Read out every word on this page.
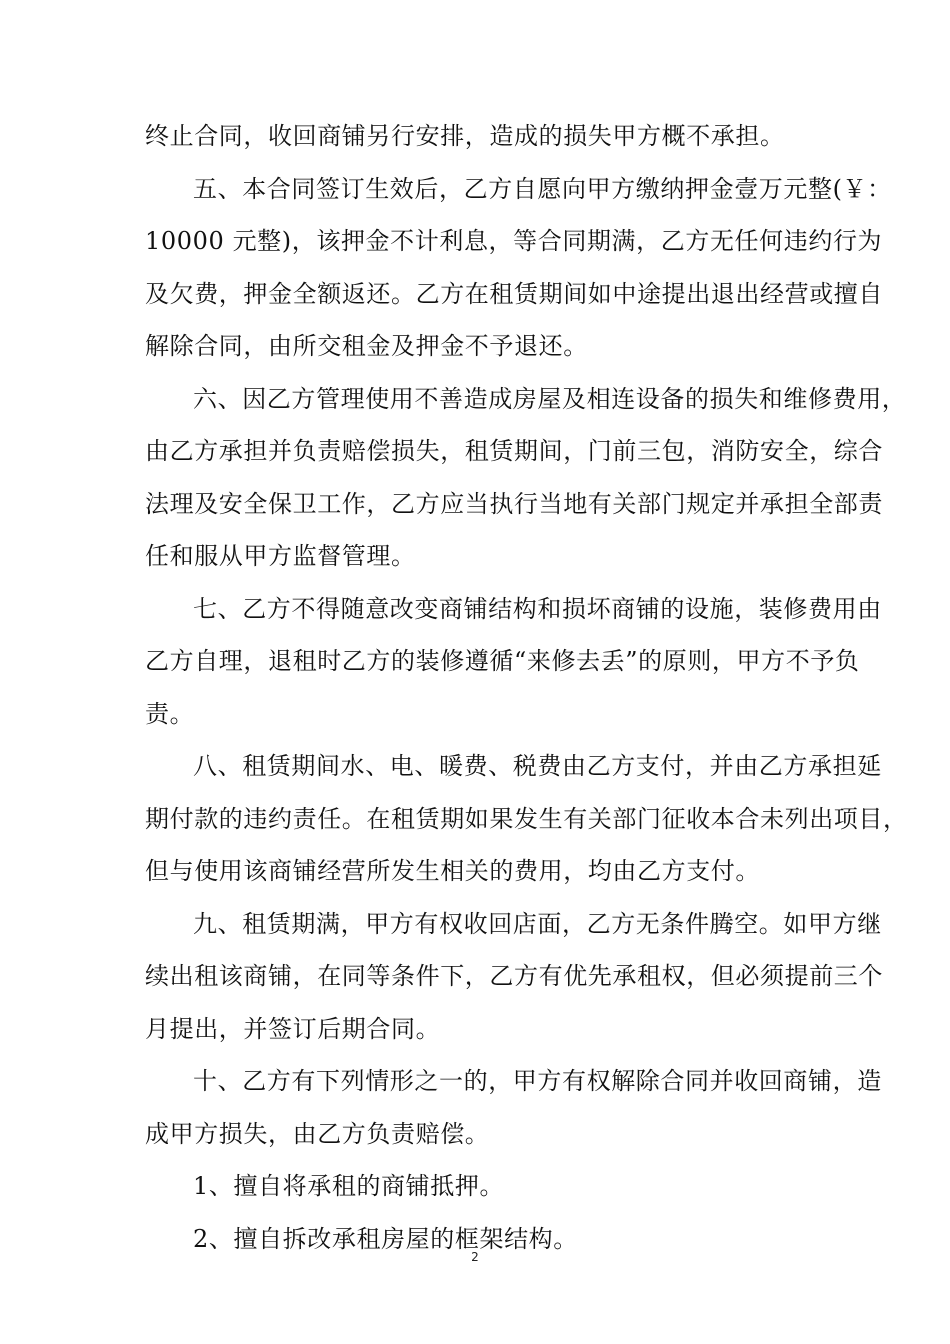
终止合同，收回商铺另行安排，造成的损失甲方概不承担。
五、本合同签订生效后，乙方自愿向甲方缴纳押金壹万元整(￥：
10000 元整)，该押金不计利息，等合同期满，乙方无任何违约行为
及欠费，押金全额返还。乙方在租赁期间如中途提出退出经营或擅自
解除合同，由所交租金及押金不予退还。
六、因乙方管理使用不善造成房屋及相连设备的损失和维修费用，
由乙方承担并负责赔偿损失，租赁期间，门前三包，消防安全，综合
法理及安全保卫工作，乙方应当执行当地有关部门规定并承担全部责
任和服从甲方监督管理。
七、乙方不得随意改变商铺结构和损坏商铺的设施，装修费用由
乙方自理，退租时乙方的装修遵循“来修去丢”的原则，甲方不予负
责。
八、租赁期间水、电、暖费、税费由乙方支付，并由乙方承担延
期付款的违约责任。在租赁期如果发生有关部门征收本合未列出项目，
但与使用该商铺经营所发生相关的费用，均由乙方支付。
九、租赁期满，甲方有权收回店面，乙方无条件腾空。如甲方继
续出租该商铺，在同等条件下，乙方有优先承租权，但必须提前三个
月提出，并签订后期合同。
十、乙方有下列情形之一的，甲方有权解除合同并收回商铺，造
成甲方损失，由乙方负责赔偿。
1、擅自将承租的商铺抵押。
2、擅自拆改承租房屋的框架结构。
2
